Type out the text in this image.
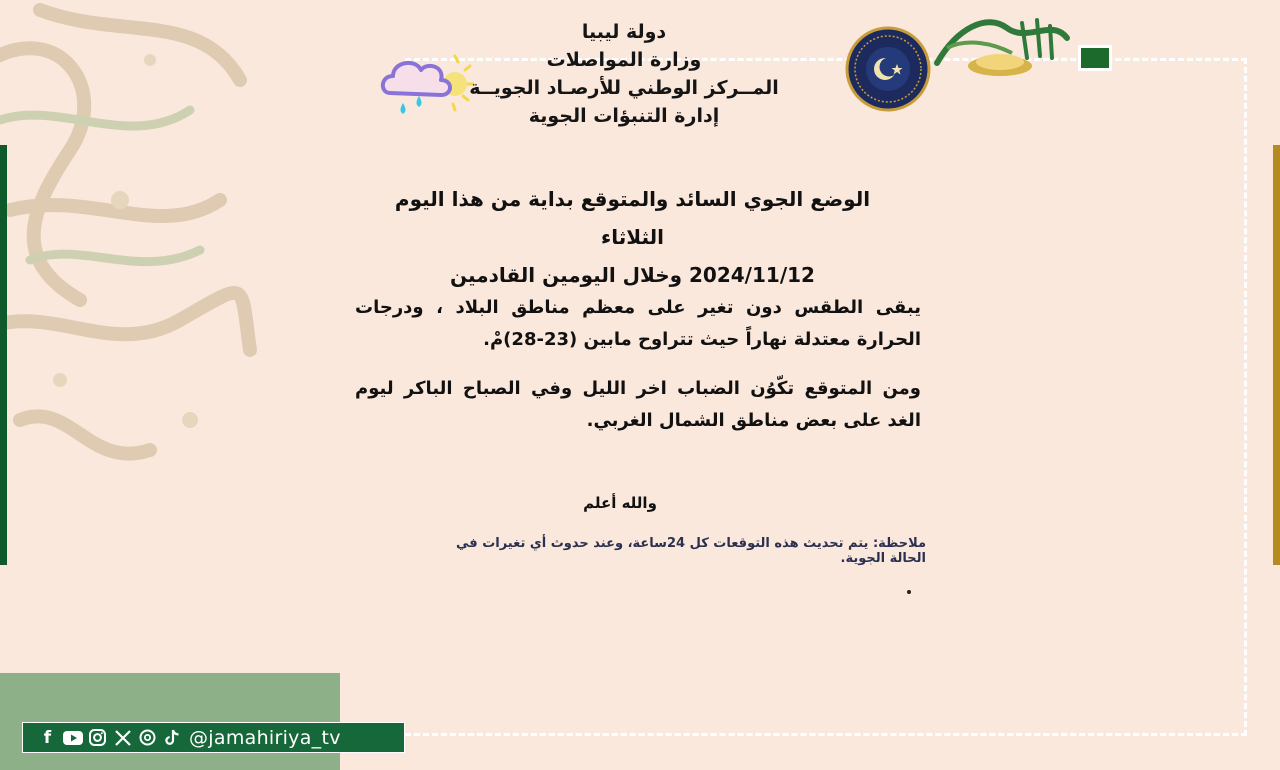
دولة ليبيا
وزارة المواصلات
المــركز الوطني للأرصـاد الجويــة
إدارة التنبؤات الجوية
الوضع الجوي السائد والمتوقع بداية من هذا اليوم الثلاثاء
2024/11/12 وخلال اليومين القادمين
يبقى الطقس دون تغير على معظم مناطق البلاد ، ودرجات الحرارة معتدلة نهاراً حيث تتراوح مابين (23-28)مْ.
ومن المتوقع تكّوُن الضباب اخر الليل وفي الصباح الباكر ليوم الغد على بعض مناطق الشمال الغربي.
والله أعلم
ملاحظة: يتم تحديث هذه التوقعات كل 24ساعة، وعند حدوث أي تغيرات في الحالة الجوية.
f	@jamahiriya_tv
